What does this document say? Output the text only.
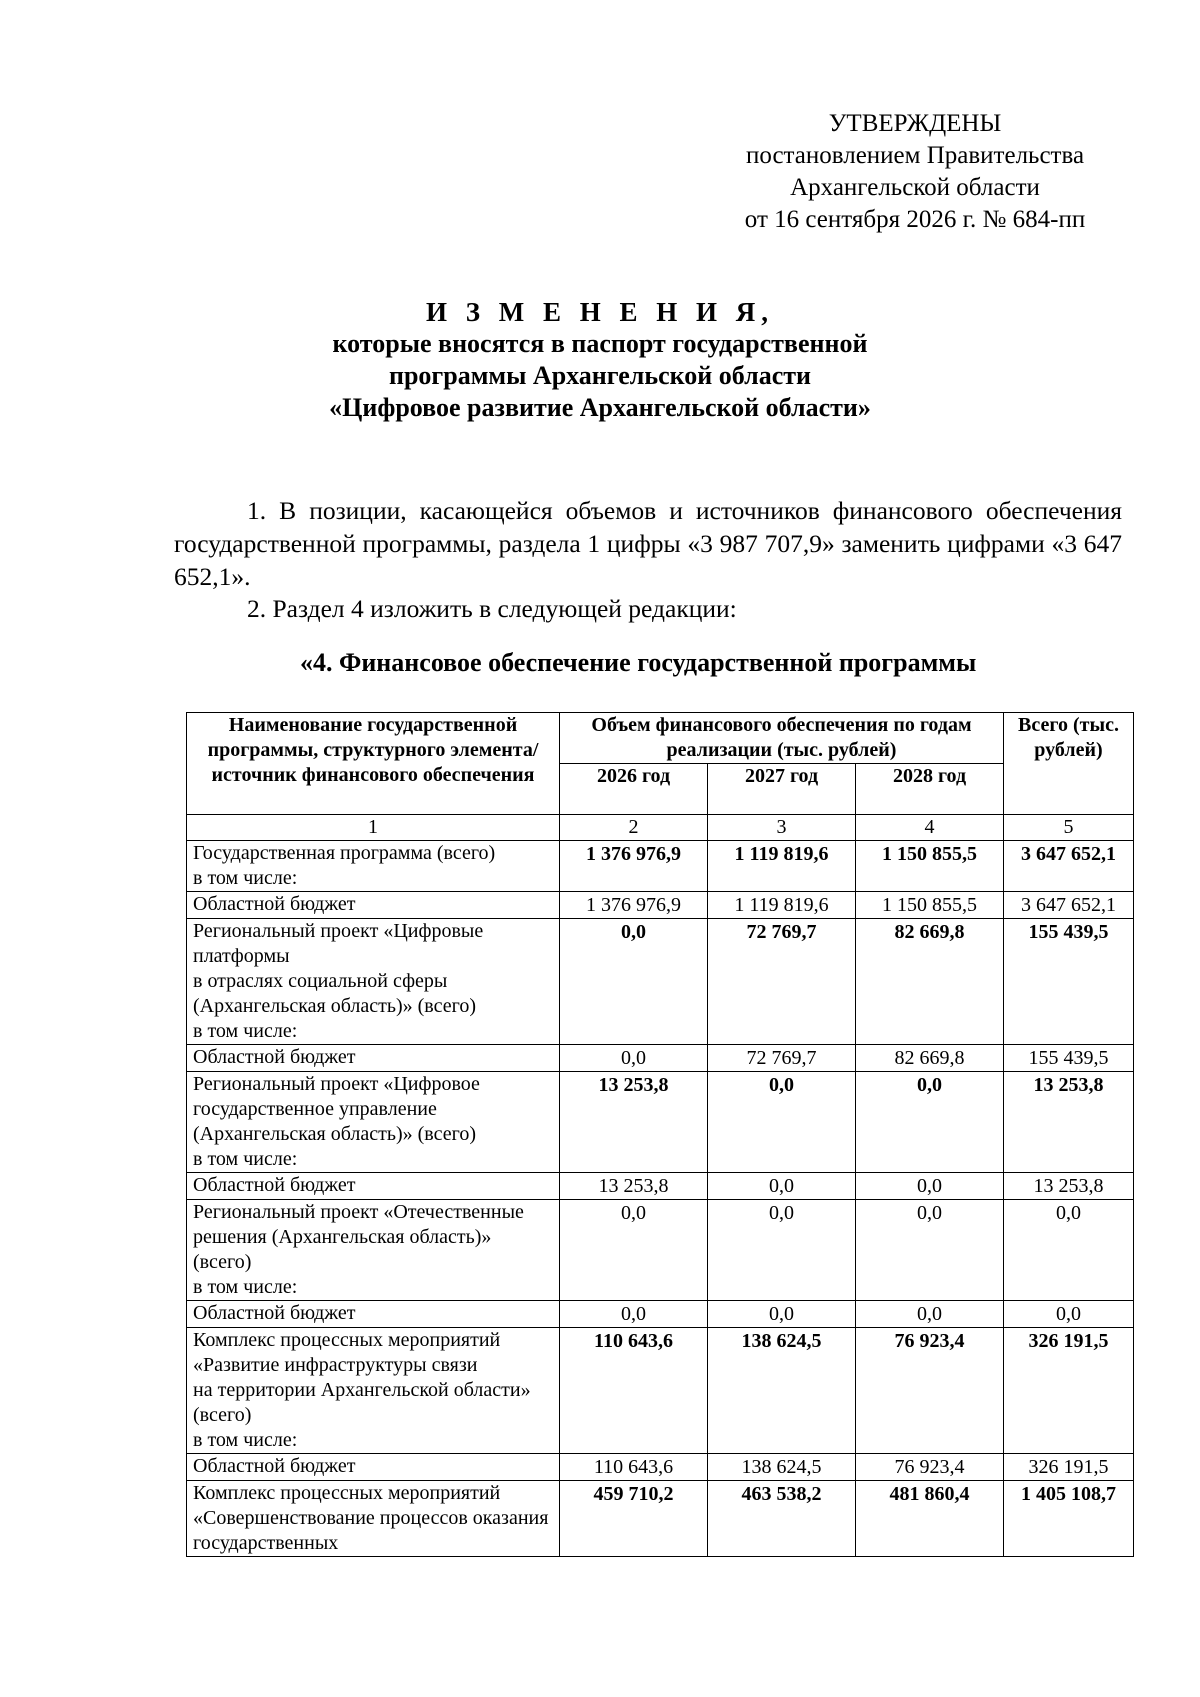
УТВЕРЖДЕНЫ
постановлением Правительства
Архангельской области
от 16 сентября 2026 г. № 684-пп
И З М Е Н Е Н И Я,
которые вносятся в паспорт государственной
программы Архангельской области
«Цифровое развитие Архангельской области»
1. В позиции, касающейся объемов и источников финансового обеспечения государственной программы, раздела 1 цифры «3 987 707,9» заменить цифрами «3 647 652,1».
2. Раздел 4 изложить в следующей редакции:
«4. Финансовое обеспечение государственной программы
Наименование государственной программы, структурного элемента/источник финансового обеспечения	Объем финансового обеспечения по годам реализации (тыс. рублей)			Всего (тыс. рублей)
	2026 год	2027 год	2028 год	
1	2	3	4	5
Государственная программа (всего)
в том числе:	1 376 976,9	1 119 819,6	1 150 855,5	3 647 652,1
Областной бюджет	1 376 976,9	1 119 819,6	1 150 855,5	3 647 652,1
Региональный проект «Цифровые платформы
в отраслях социальной сферы (Архангельская область)» (всего)
в том числе:	0,0	72 769,7	82 669,8	155 439,5
Областной бюджет	0,0	72 769,7	82 669,8	155 439,5
Региональный проект «Цифровое государственное управление (Архангельская область)» (всего)
в том числе:	13 253,8	0,0	0,0	13 253,8
Областной бюджет	13 253,8	0,0	0,0	13 253,8
Региональный проект «Отечественные решения (Архангельская область)» (всего)
в том числе:	0,0	0,0	0,0	0,0
Областной бюджет	0,0	0,0	0,0	0,0
Комплекс процессных мероприятий «Развитие инфраструктуры связи
на территории Архангельской области» (всего)
в том числе:	110 643,6	138 624,5	76 923,4	326 191,5
Областной бюджет	110 643,6	138 624,5	76 923,4	326 191,5
Комплекс процессных мероприятий «Совершенствование процессов оказания государственных	459 710,2	463 538,2	481 860,4	1 405 108,7
